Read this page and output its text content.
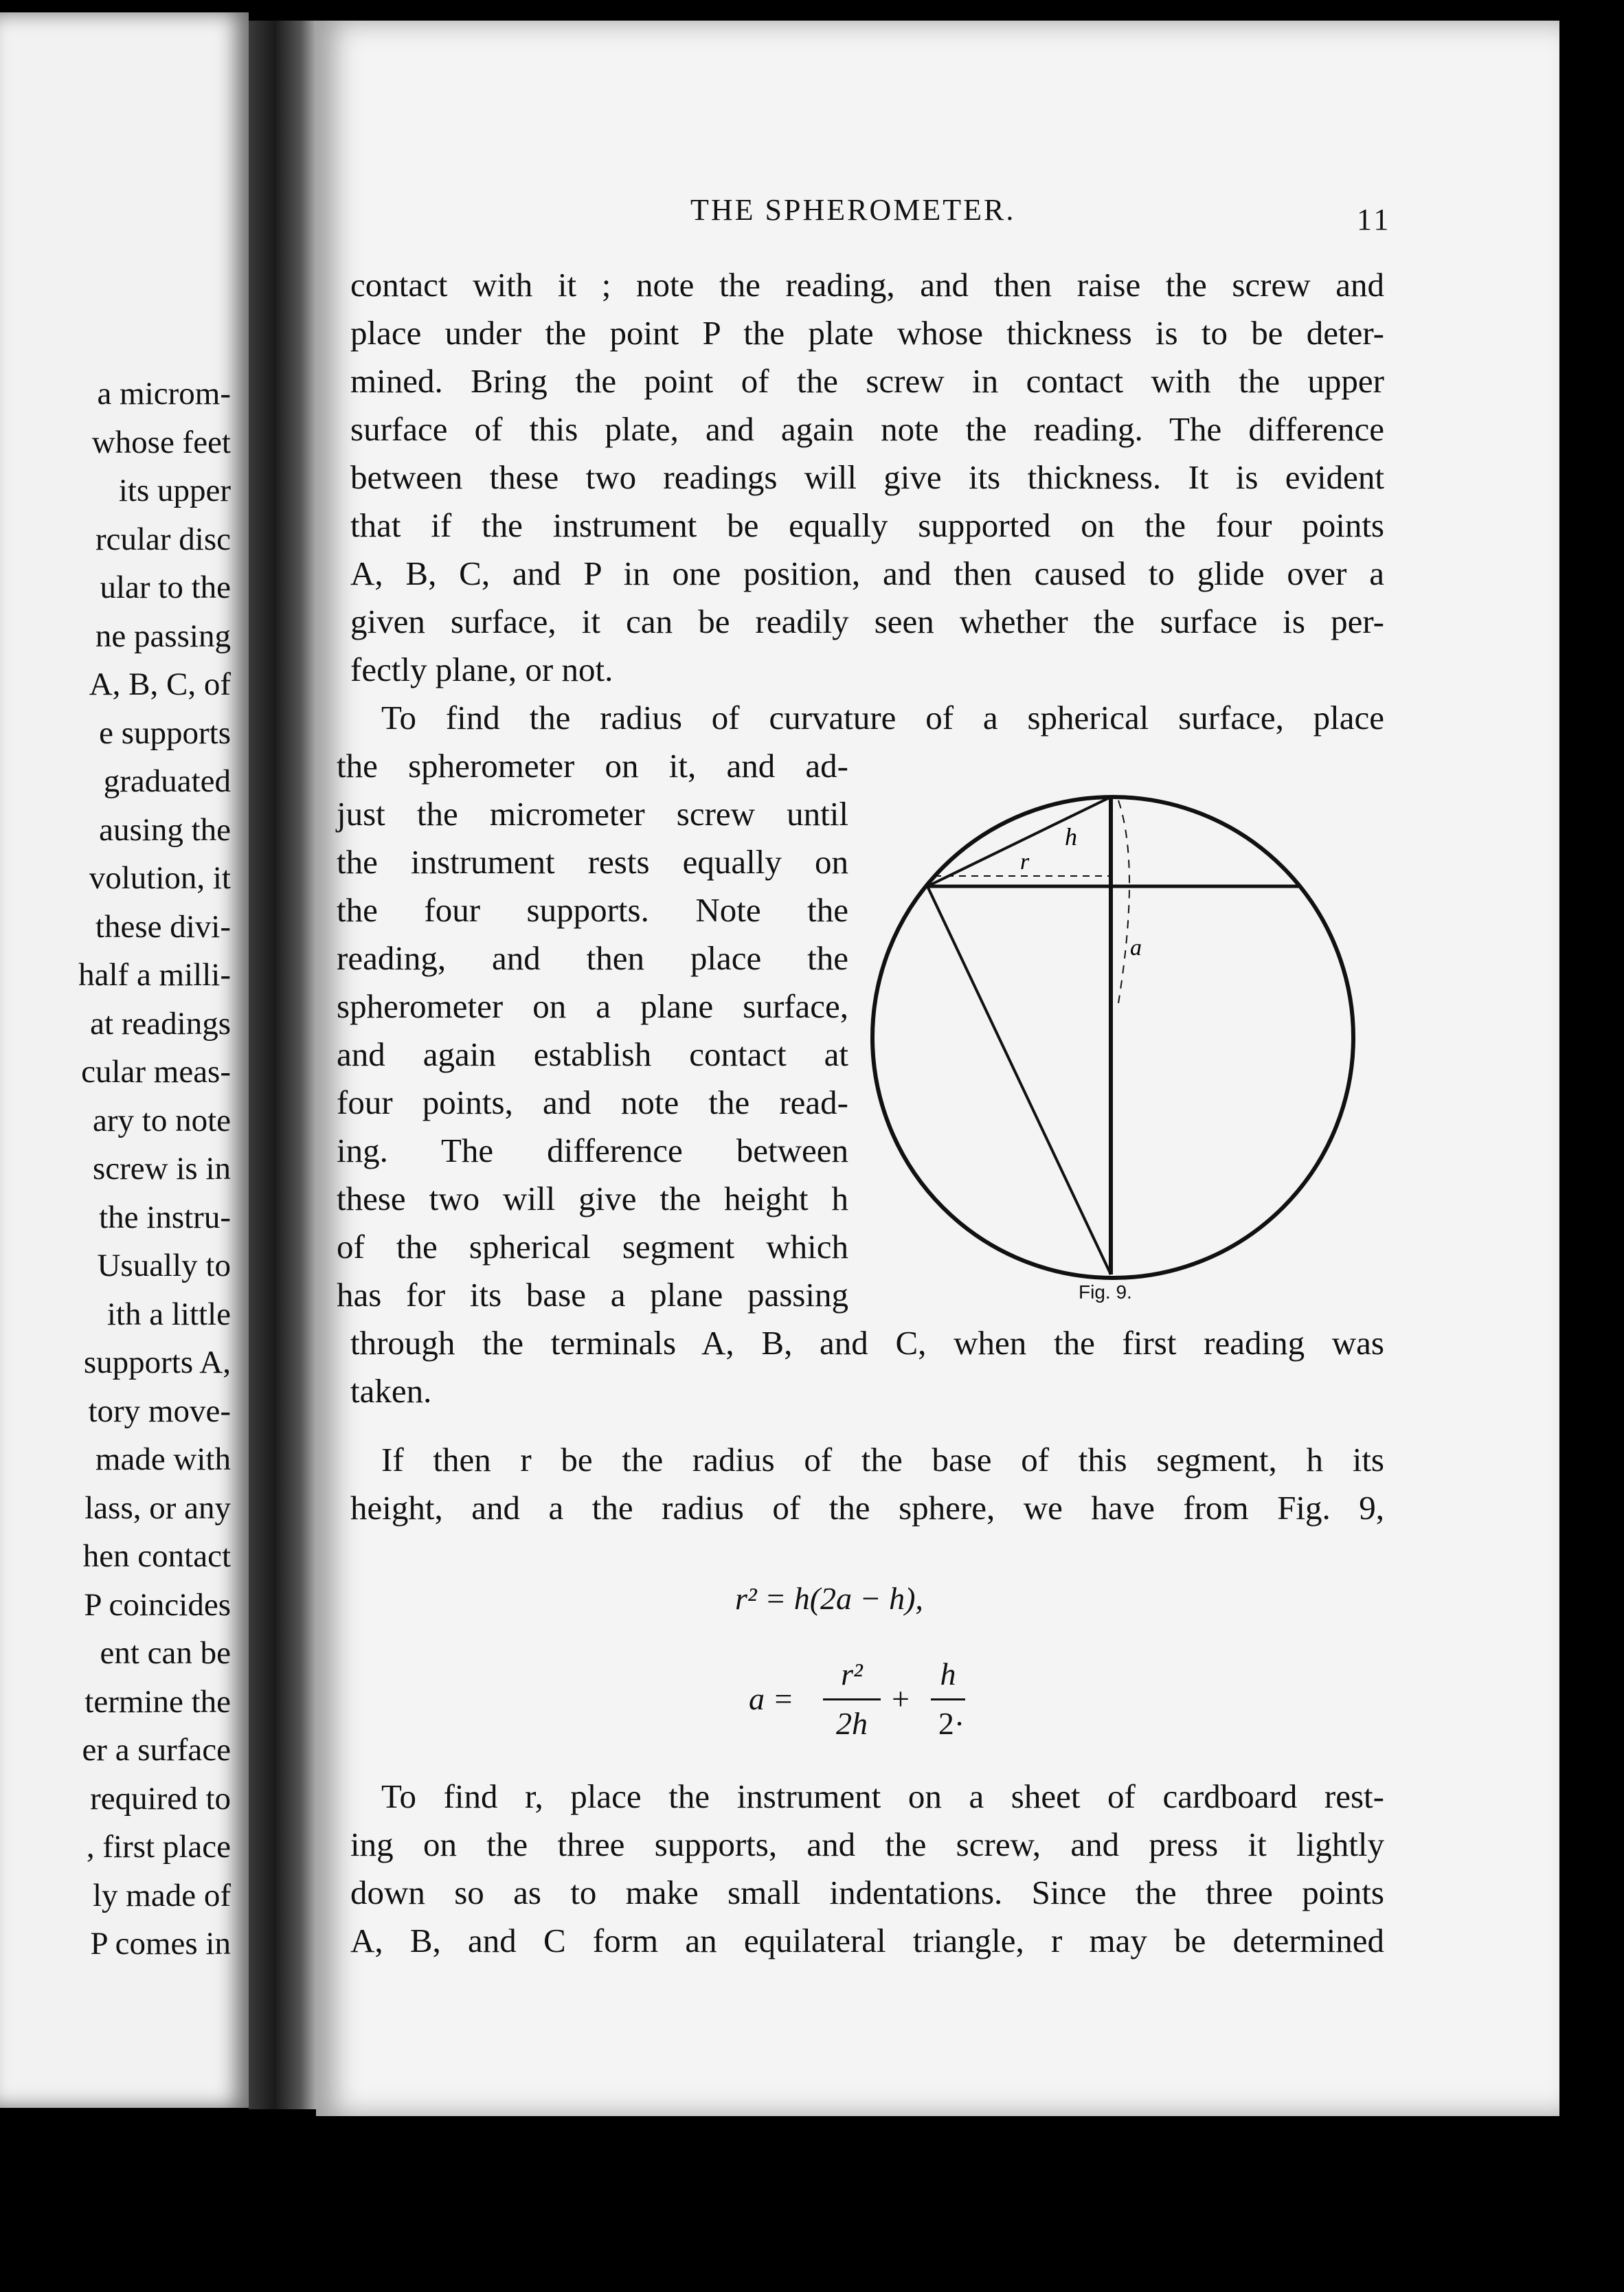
a microm-
whose feet
its upper
rcular disc
ular to the
ne passing
A, B, C, of
e supports
graduated
ausing the
volution, it
these divi-
half a milli-
at readings
cular meas-
ary to note
screw is in
the instru-
Usually to
ith a little
supports A,
tory move-
made with
lass, or any
hen contact
P coincides
ent can be
termine the
er a surface
required to
, first place
ly made of
P comes in
THE SPHEROMETER.	11
contact with it ; note the reading, and then raise the screw and
place under the point P the plate whose thickness is to be deter-
mined. Bring the point of the screw in contact with the upper
surface of this plate, and again note the reading. The difference
between these two readings will give its thickness. It is evident
that if the instrument be equally supported on the four points
A, B, C, and P in one position, and then caused to glide over a
given surface, it can be readily seen whether the surface is per-
fectly plane, or not.
To find the radius of curvature of a spherical surface, place
the spherometer on it, and ad-
just the micrometer screw until
the instrument rests equally on
the four supports. Note the
reading, and then place the
spherometer on a plane surface,
and again establish contact at
four points, and note the read-
ing. The difference between
these two will give the height h
of the spherical segment which
has for its base a plane passing
through the terminals A, B, and C, when the first reading was
taken.
If then r be the radius of the base of this segment, h its
height, and a the radius of the sphere, we have from Fig. 9,
r² = h(2a − h),
a =
r²
2h
+
h
2·
To find r, place the instrument on a sheet of cardboard rest-
ing on the three supports, and the screw, and press it lightly
down so as to make small indentations. Since the three points
A, B, and C form an equilateral triangle, r may be determined
h
r
a
Fig. 9.
